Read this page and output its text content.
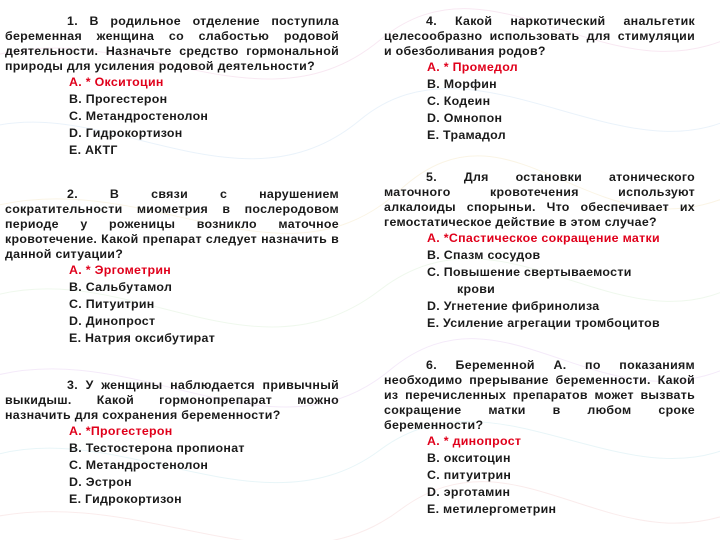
1. В родильное отделение поступила беременная женщина со слабостью родовой деятельности. Назначьте средство гормональной природы для усиления родовой деятельности?

A. * Окситоцин
B. Прогестерон
C. Метандростенолон
D. Гидрокортизон
E. АКТГ

2.	В связи с нарушением сократительности миометрия в послеродовом периоде у роженицы возникло маточное кровотечение. Какой препарат следует назначить в данной ситуации?

A. * Эргометрин
B. Сальбутамол
C. Питуитрин
D. Динопрост
E. Натрия оксибутират

3. У женщины наблюдается привычный выкидыш. Какой гормонопрепарат можно назначить для сохранения беременности?

A. *Прогестерон
B. Тестостерона пропионат
C. Метандростенолон
D. Эстрон
E. Гидрокортизон

4. Какой наркотический анальгетик целесообразно использовать для стимуляции и обезболивания родов?

A. * Промедол
B. Морфин
C. Кодеин
D. Омнопон
E. Трамадол

5. Для остановки атонического маточного кровотечения используют алкалоиды спорыньи. Что обеспечивает их гемостатическое действие в этом случае?

A. *Спастическое сокращение матки
B. Спазм сосудов
C. Повышение свертываемости
крови
D. Угнетение фибринолиза
E. Усиление агрегации тромбоцитов

6. Беременной А. по показаниям необходимо прерывание беременности. Какой из перечисленных препаратов может вызвать сокращение матки в любом сроке беременности?

A. * динопрост
B. окситоцин
C. питуитрин
D. эрготамин
E. метилергометрин
